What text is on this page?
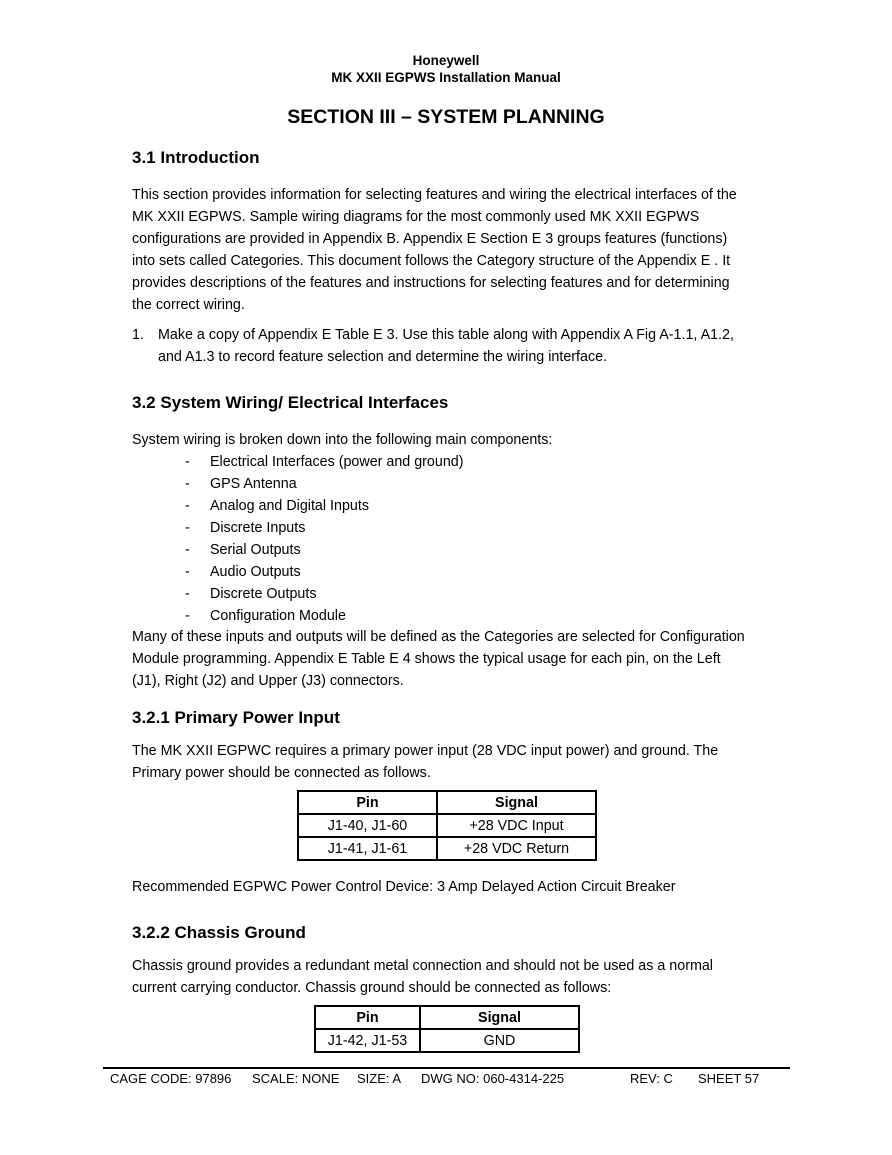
Honeywell
MK XXII EGPWS Installation Manual
SECTION III – SYSTEM PLANNING
3.1 Introduction
This section provides information for selecting features and wiring the electrical interfaces of the
MK XXII EGPWS. Sample wiring diagrams for the most commonly used MK XXII EGPWS
configurations are provided in Appendix B. Appendix E Section E 3 groups features (functions)
into sets called Categories. This document follows the Category structure of the Appendix E . It
provides descriptions of the features and instructions for selecting features and for determining
the correct wiring.
1. Make a copy of Appendix E Table E 3. Use this table along with Appendix A Fig A-1.1, A1.2,
and A1.3 to record feature selection and determine the wiring interface.
3.2 System Wiring/ Electrical Interfaces
System wiring is broken down into the following main components:
-	Electrical Interfaces (power and ground)
-	GPS Antenna
-	Analog and Digital Inputs
-	Discrete Inputs
-	Serial Outputs
-	Audio Outputs
-	Discrete Outputs
-	Configuration Module
Many of these inputs and outputs will be defined as the Categories are selected for Configuration
Module programming. Appendix E Table E 4 shows the typical usage for each pin, on the Left
(J1), Right (J2) and Upper (J3) connectors.
3.2.1 Primary Power Input
The MK XXII EGPWC requires a primary power input (28 VDC input power) and ground. The
Primary power should be connected as follows.
Pin	Signal
J1-40, J1-60	+28 VDC Input
J1-41, J1-61	+28 VDC Return
Recommended EGPWC Power Control Device: 3 Amp Delayed Action Circuit Breaker
3.2.2 Chassis Ground
Chassis ground provides a redundant metal connection and should not be used as a normal
current carrying conductor. Chassis ground should be connected as follows:
Pin	Signal
J1-42, J1-53	GND
CAGE CODE: 97896 SCALE: NONE SIZE: A DWG NO: 060-4314-225	REV: C SHEET 57
